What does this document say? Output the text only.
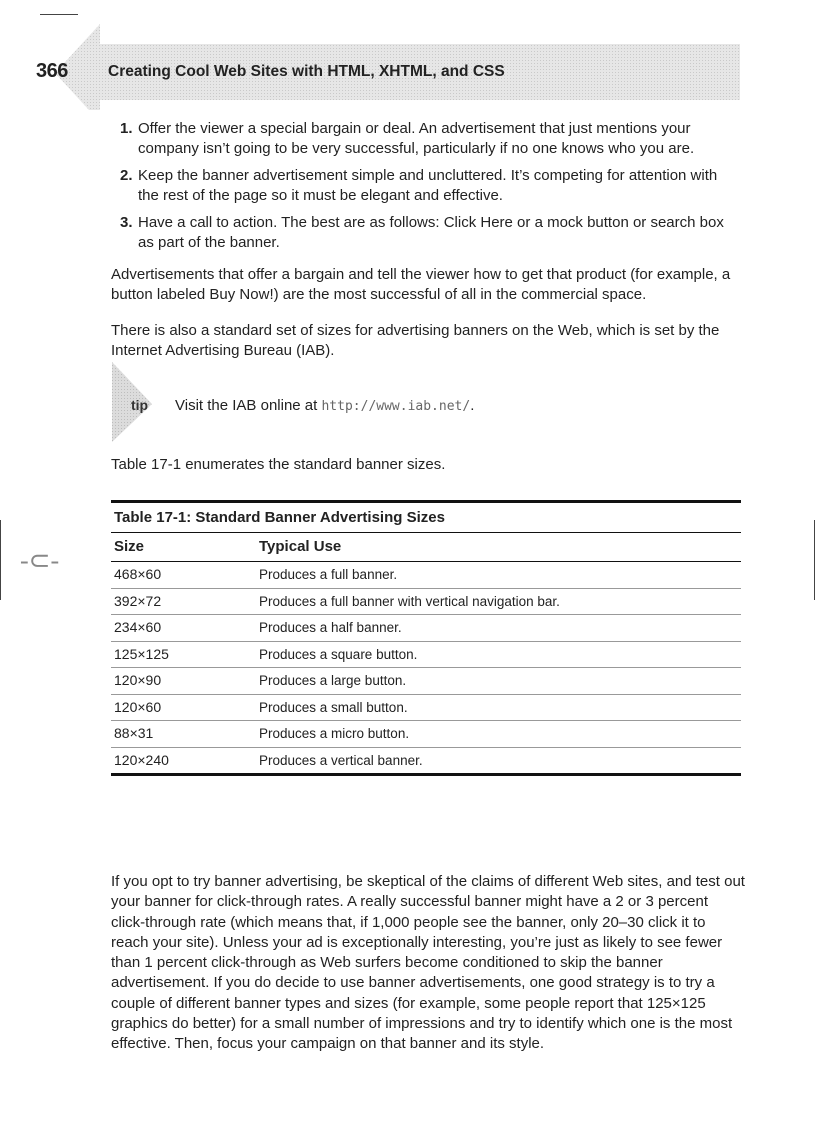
-⊂-
366	Creating Cool Web Sites with HTML, XHTML, and CSS
1. Offer the viewer a special bargain or deal. An advertisement that just mentions your company isn’t going to be very successful, particularly if no one knows who you are.
2. Keep the banner advertisement simple and uncluttered. It’s competing for attention with the rest of the page so it must be elegant and effective.
3. Have a call to action. The best are as follows: Click Here or a mock button or search box as part of the banner.

Advertisements that offer a bargain and tell the viewer how to get that product (for example, a button labeled Buy Now!) are the most successful of all in the commercial space.

There is also a standard set of sizes for advertising banners on the Web, which is set by the Internet Advertising Bureau (IAB).

tip Visit the IAB online at http://www.iab.net/.

Table 17-1 enumerates the standard banner sizes.

Table 17-1: Standard Banner Advertising Sizes
Size	Typical Use
468×60	Produces a full banner.
392×72	Produces a full banner with vertical navigation bar.
234×60	Produces a half banner.
125×125	Produces a square button.
120×90	Produces a large button.
120×60	Produces a small button.
88×31	Produces a micro button.
120×240	Produces a vertical banner.

If you opt to try banner advertising, be skeptical of the claims of different Web sites, and test out your banner for click-through rates. A really successful banner might have a 2 or 3 percent click-through rate (which means that, if 1,000 people see the banner, only 20–30 click it to reach your site). Unless your ad is exceptionally interesting, you’re just as likely to see fewer than 1 percent click-through as Web surfers become conditioned to skip the banner advertisement. If you do decide to use banner advertisements, one good strategy is to try a couple of different banner types and sizes (for example, some people report that 125×125 graphics do better) for a small number of impressions and try to identify which one is the most effective. Then, focus your campaign on that banner and its style.
